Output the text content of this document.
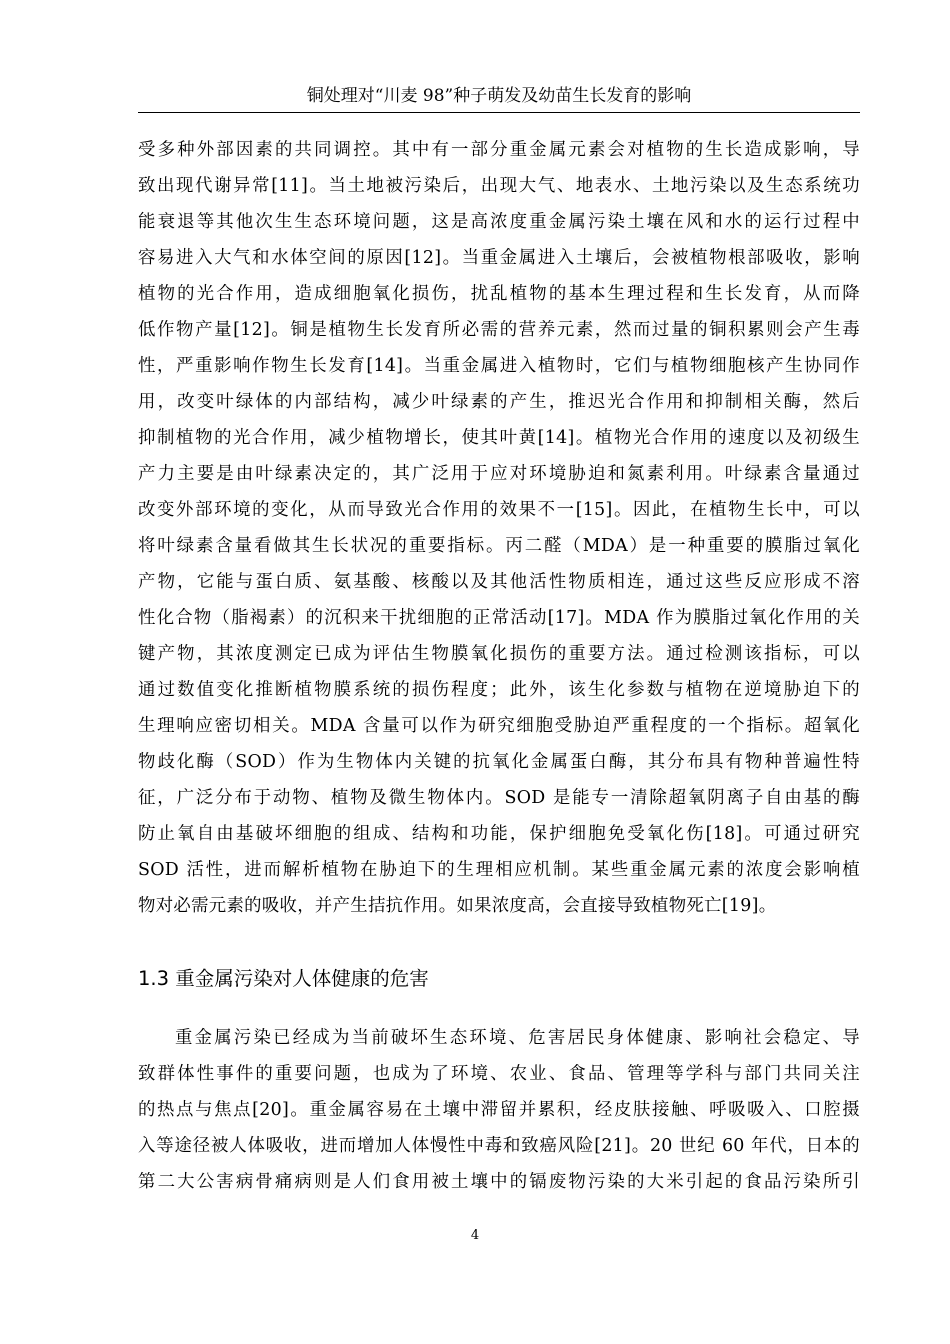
铜处理对“川麦 98”种子萌发及幼苗生长发育的影响
受多种外部因素的共同调控。其中有一部分重金属元素会对植物的生长造成影响，导
致出现代谢异常[11]。当土地被污染后，出现大气、地表水、土地污染以及生态系统功
能衰退等其他次生生态环境问题，这是高浓度重金属污染土壤在风和水的运行过程中
容易进入大气和水体空间的原因[12]。当重金属进入土壤后，会被植物根部吸收，影响
植物的光合作用，造成细胞氧化损伤，扰乱植物的基本生理过程和生长发育，从而降
低作物产量[12]。铜是植物生长发育所必需的营养元素，然而过量的铜积累则会产生毒
性，严重影响作物生长发育[14]。当重金属进入植物时，它们与植物细胞核产生协同作
用，改变叶绿体的内部结构，减少叶绿素的产生，推迟光合作用和抑制相关酶，然后
抑制植物的光合作用，减少植物增长，使其叶黄[14]。植物光合作用的速度以及初级生
产力主要是由叶绿素决定的，其广泛用于应对环境胁迫和氮素利用。叶绿素含量通过
改变外部环境的变化，从而导致光合作用的效果不一[15]。因此，在植物生长中，可以
将叶绿素含量看做其生长状况的重要指标。丙二醛（MDA）是一种重要的膜脂过氧化
产物，它能与蛋白质、氨基酸、核酸以及其他活性物质相连，通过这些反应形成不溶
性化合物（脂褐素）的沉积来干扰细胞的正常活动[17]。MDA 作为膜脂过氧化作用的关
键产物，其浓度测定已成为评估生物膜氧化损伤的重要方法。通过检测该指标，可以
通过数值变化推断植物膜系统的损伤程度；此外，该生化参数与植物在逆境胁迫下的
生理响应密切相关。MDA 含量可以作为研究细胞受胁迫严重程度的一个指标。超氧化
物歧化酶（SOD）作为生物体内关键的抗氧化金属蛋白酶，其分布具有物种普遍性特
征，广泛分布于动物、植物及微生物体内。SOD 是能专一清除超氧阴离子自由基的酶
防止氧自由基破坏细胞的组成、结构和功能，保护细胞免受氧化伤[18]。可通过研究
SOD 活性，进而解析植物在胁迫下的生理相应机制。某些重金属元素的浓度会影响植
物对必需元素的吸收，并产生拮抗作用。如果浓度高，会直接导致植物死亡[19]。
1.3 重金属污染对人体健康的危害
重金属污染已经成为当前破坏生态环境、危害居民身体健康、影响社会稳定、导
致群体性事件的重要问题，也成为了环境、农业、食品、管理等学科与部门共同关注
的热点与焦点[20]。重金属容易在土壤中滞留并累积，经皮肤接触、呼吸吸入、口腔摄
入等途径被人体吸收，进而增加人体慢性中毒和致癌风险[21]。20 世纪 60 年代，日本的
第二大公害病骨痛病则是人们食用被土壤中的镉废物污染的大米引起的食品污染所引
4
